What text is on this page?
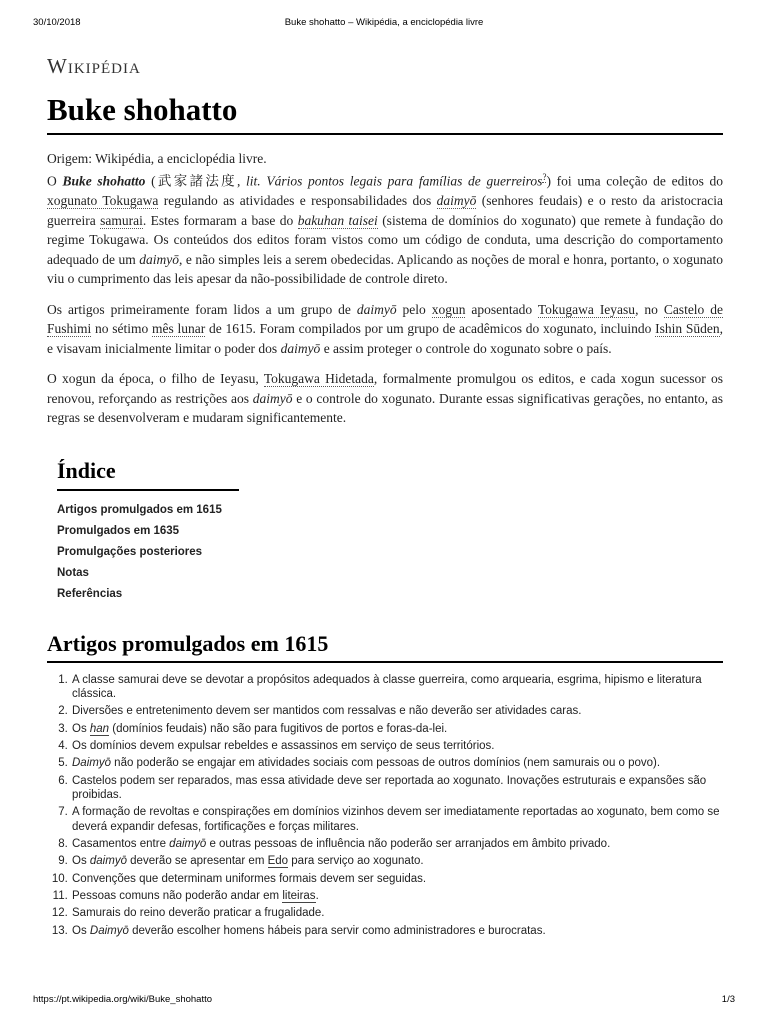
30/10/2018	Buke shohatto – Wikipédia, a enciclopédia livre
Wikipédia
Buke shohatto
Origem: Wikipédia, a enciclopédia livre.

O Buke shohatto (武家諸法度, lit. Vários pontos legais para famílias de guerreiros?) foi uma coleção de editos do xogunato Tokugawa regulando as atividades e responsabilidades dos daimyō (senhores feudais) e o resto da aristocracia guerreira samurai. Estes formaram a base do bakuhan taisei (sistema de domínios do xogunato) que remete à fundação do regime Tokugawa. Os conteúdos dos editos foram vistos como um código de conduta, uma descrição do comportamento adequado de um daimyō, e não simples leis a serem obedecidas. Aplicando as noções de moral e honra, portanto, o xogunato viu o cumprimento das leis apesar da não-possibilidade de controle direto.

Os artigos primeiramente foram lidos a um grupo de daimyō pelo xogun aposentado Tokugawa Ieyasu, no Castelo de Fushimi no sétimo mês lunar de 1615. Foram compilados por um grupo de acadêmicos do xogunato, incluindo Ishin Sūden, e visavam inicialmente limitar o poder dos daimyō e assim proteger o controle do xogunato sobre o país.

O xogun da época, o filho de Ieyasu, Tokugawa Hidetada, formalmente promulgou os editos, e cada xogun sucessor os renovou, reforçando as restrições aos daimyō e o controle do xogunato. Durante essas significativas gerações, no entanto, as regras se desenvolveram e mudaram significantemente.

Índice
Artigos promulgados em 1615
Promulgados em 1635
Promulgações posteriores
Notas
Referências
Artigos promulgados em 1615
1. A classe samurai deve se devotar a propósitos adequados à classe guerreira, como arquearia, esgrima, hipismo e literatura clássica.
2. Diversões e entretenimento devem ser mantidos com ressalvas e não deverão ser atividades caras.
3. Os han (domínios feudais) não são para fugitivos de portos e foras-da-lei.
4. Os domínios devem expulsar rebeldes e assassinos em serviço de seus territórios.
5. Daimyō não poderão se engajar em atividades sociais com pessoas de outros domínios (nem samurais ou o povo).
6. Castelos podem ser reparados, mas essa atividade deve ser reportada ao xogunato. Inovações estruturais e expansões são proibidas.
7. A formação de revoltas e conspirações em domínios vizinhos devem ser imediatamente reportadas ao xogunato, bem como se deverá expandir defesas, fortificações e forças militares.
8. Casamentos entre daimyō e outras pessoas de influência não poderão ser arranjados em âmbito privado.
9. Os daimyō deverão se apresentar em Edo para serviço ao xogunato.
10. Convenções que determinam uniformes formais devem ser seguidas.
11. Pessoas comuns não poderão andar em liteiras.
12. Samurais do reino deverão praticar a frugalidade.
13. Os Daimyō deverão escolher homens hábeis para servir como administradores e burocratas.
https://pt.wikipedia.org/wiki/Buke_shohatto	1/3
